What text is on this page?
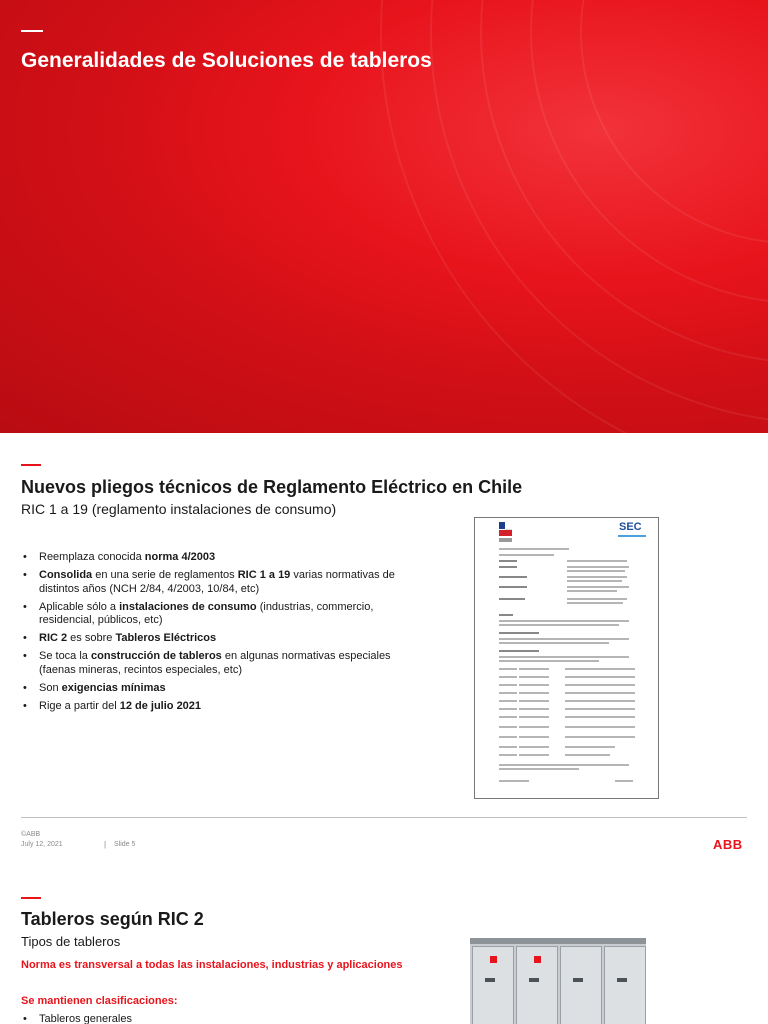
Generalidades de Soluciones de tableros
Nuevos pliegos técnicos de Reglamento Eléctrico en Chile
RIC 1 a 19 (reglamento instalaciones de consumo)
• Reemplaza conocida norma 4/2003
• Consolida en una serie de reglamentos RIC 1 a 19 varias normativas de distintos años (NCH 2/84, 4/2003, 10/84, etc)
• Aplicable sólo a instalaciones de consumo (industrias, commercio, residencial, públicos, etc)
• RIC 2 es sobre Tableros Eléctricos
• Se toca la construcción de tableros en algunas normativas especiales (faenas mineras, recintos especiales, etc)
• Son exigencias mínimas
• Rige a partir del 12 de julio 2021
SEC
©ABB
July 12, 2021	| Slide 5	ABB
Tableros según RIC 2
Tipos de tableros
Norma es transversal a todas las instalaciones, industrias y aplicaciones
Se mantienen clasificaciones:
• Tableros generales
